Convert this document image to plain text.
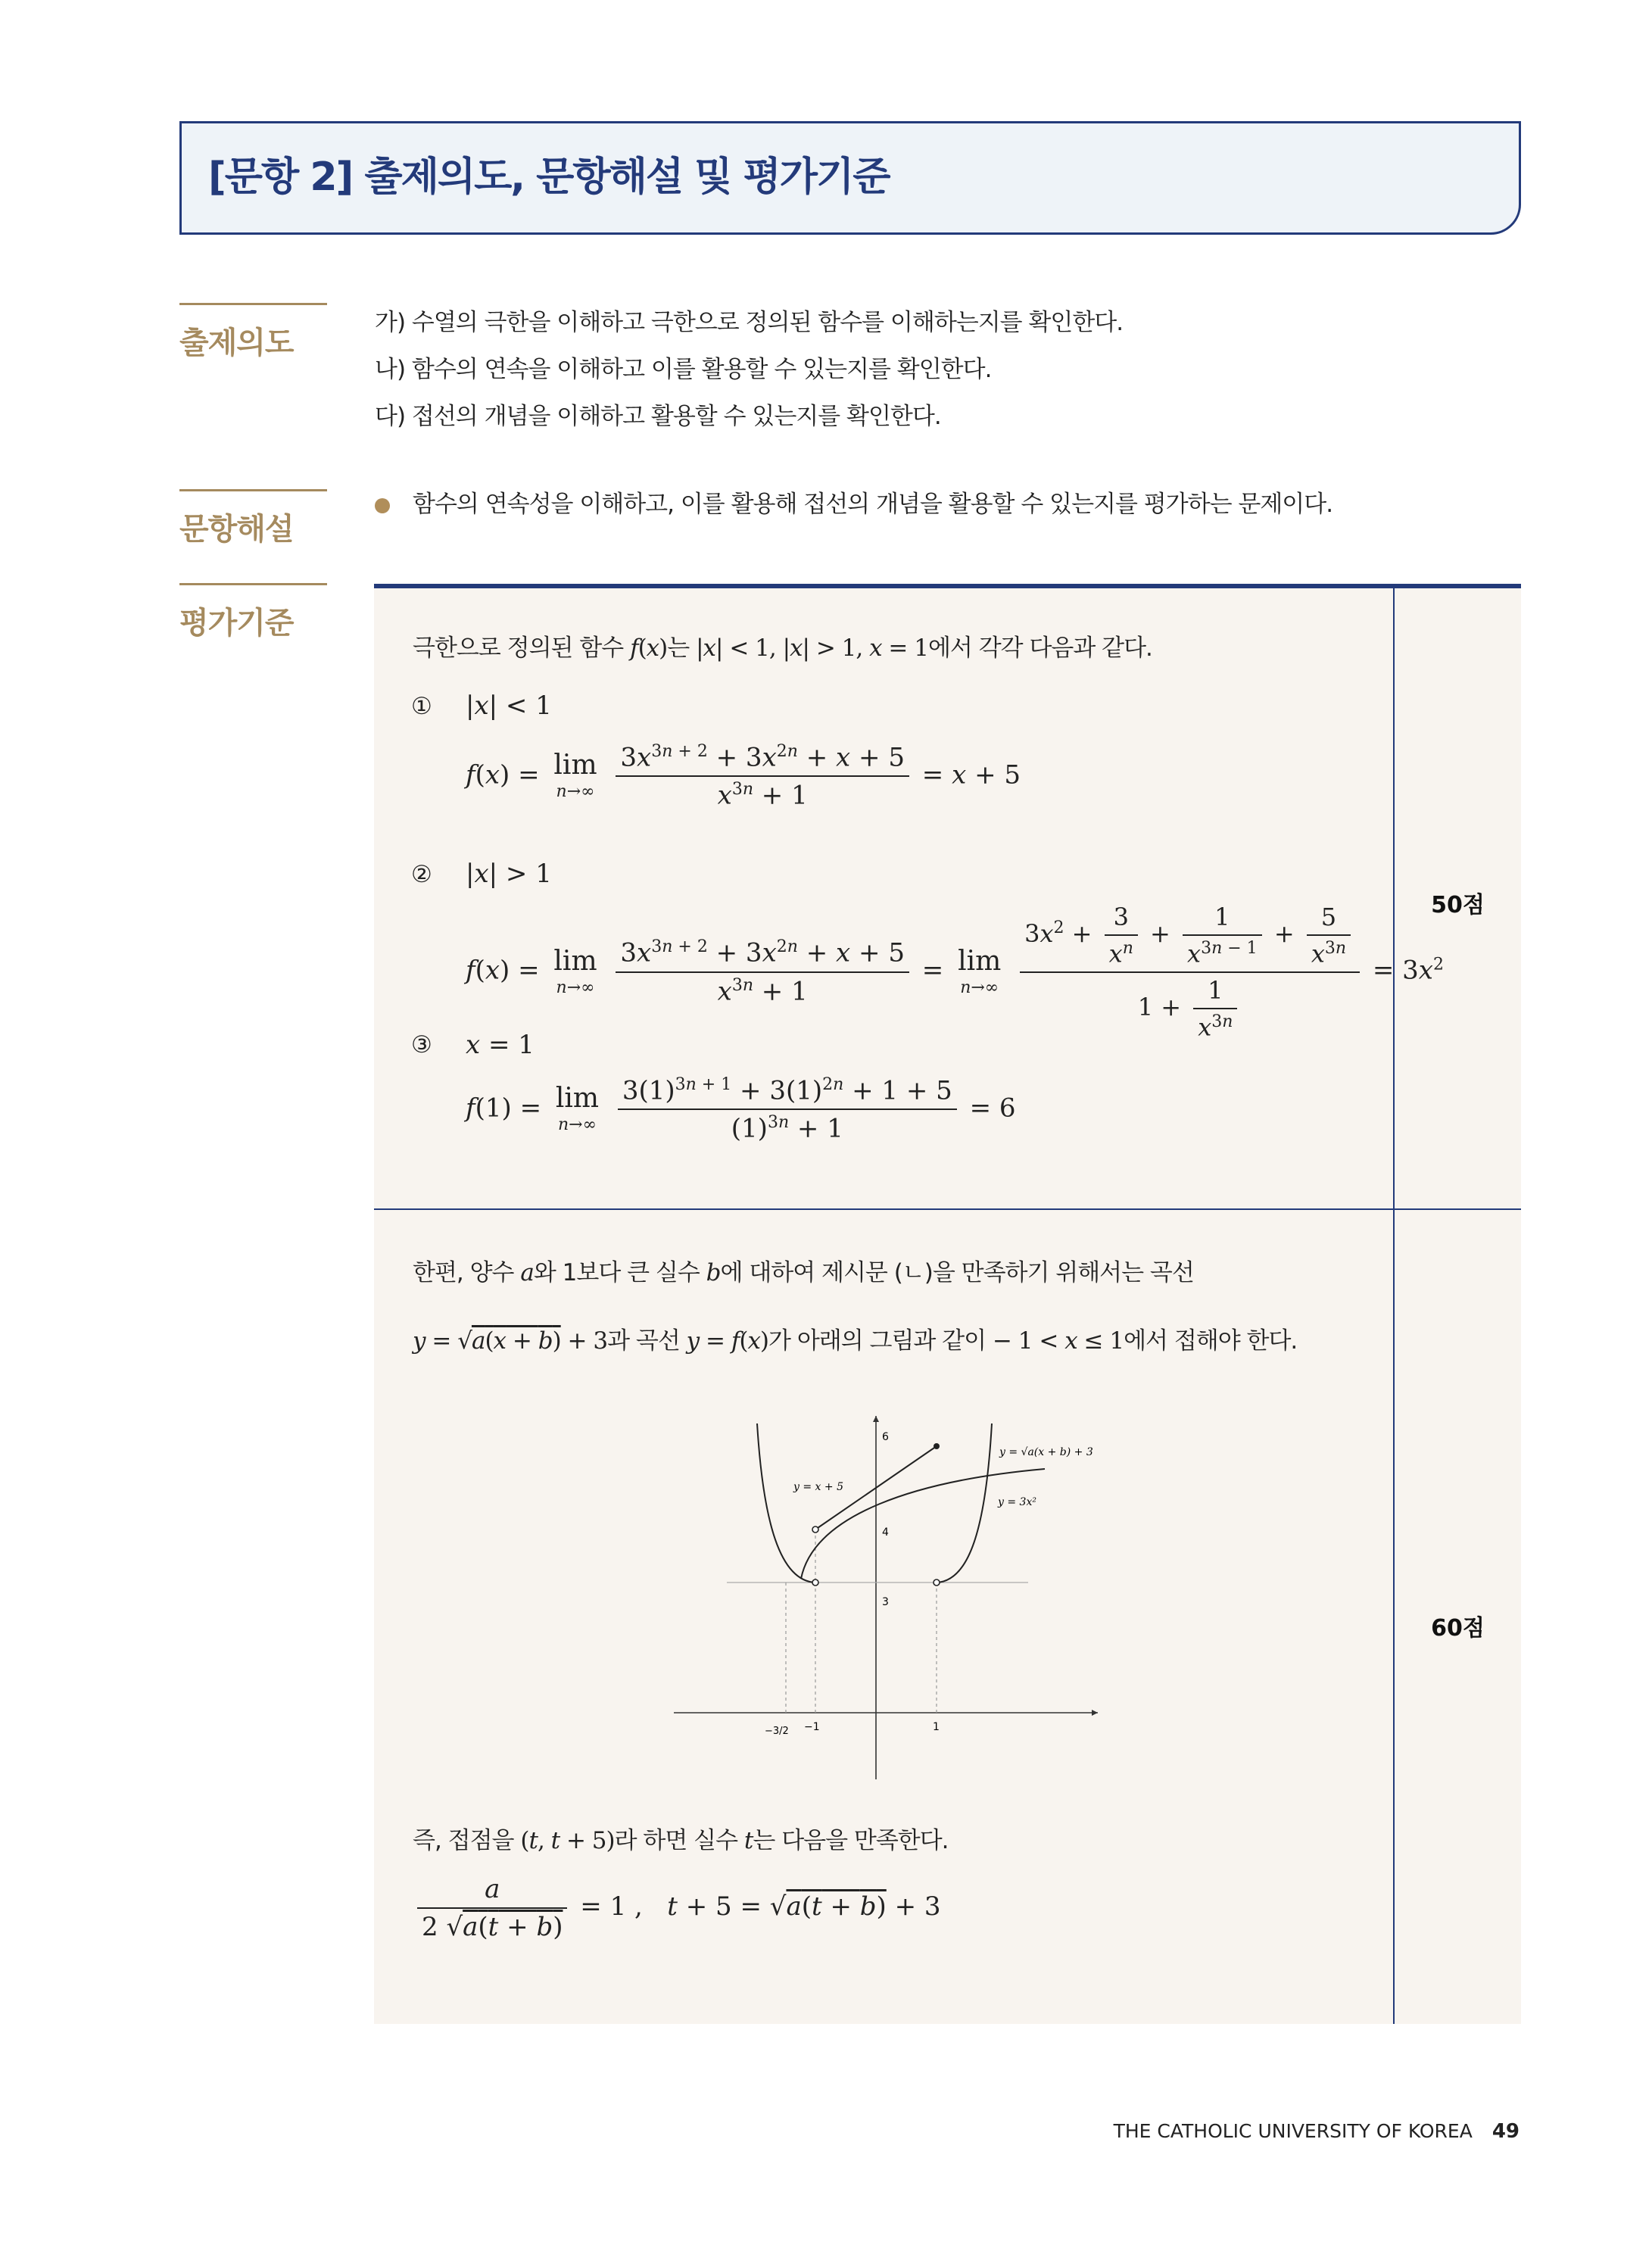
[문항 2] 출제의도, 문항해설 및 평가기준
출제의도
문항해설
평가기준
가) 수열의 극한을 이해하고 극한으로 정의된 함수를 이해하는지를 확인한다.
나) 함수의 연속을 이해하고 이를 활용할 수 있는지를 확인한다.
다) 접선의 개념을 이해하고 활용할 수 있는지를 확인한다.
함수의 연속성을 이해하고, 이를 활용해 접선의 개념을 활용할 수 있는지를 평가하는 문제이다.
50점
60점
극한으로 정의된 함수 f(x)는 |x| < 1, |x| > 1, x = 1에서 각각 다음과 같다.
① |x| < 1
f(x) = lim
n→∞
$\frac{3x^{3n + 2} + 3x^{2n} + x + 5}{x^{3n} + 1} = x + 5$
② |x| > 1
f(x) = lim
n→∞
$\frac{3x^{3n + 2} + 3x^{2n} + x + 5}{x^{3n} + 1} = \lim$
n→∞
$\frac{3x^2 + \frac{3}{x^n} + \frac{1}{x^{3n - 1}} + \frac{5}{x^{3n}}}{1 + \frac{1}{x^{3n}}} = 3x^2$
③ x = 1
f(1) = lim
n→∞
$\frac{3(1)^{3n + 1} + 3(1)^{2n} + 1 + 5}{(1)^{3n} + 1} = 6$
한편, 양수 a와 1보다 큰 실수 b에 대하여 제시문 (ㄴ)을 만족하기 위해서는 곡선
y = √a(x + b) + 3과 곡선 y = f(x)가 아래의 그림과 같이 − 1 < x ≤ 1에서 접해야 한다.
6
4
3
−3/2 −1	1
y = √a(x + b) + 3
y = x + 5
y = 3x²
즉, 접점을 (t, t + 5)라 하면 실수 t는 다음을 만족한다.
$\frac{a}{2 √a(t + b)} = 1$ ,   t + 5 = √a(t + b) + 3
THE CATHOLIC UNIVERSITY OF KOREA 49
